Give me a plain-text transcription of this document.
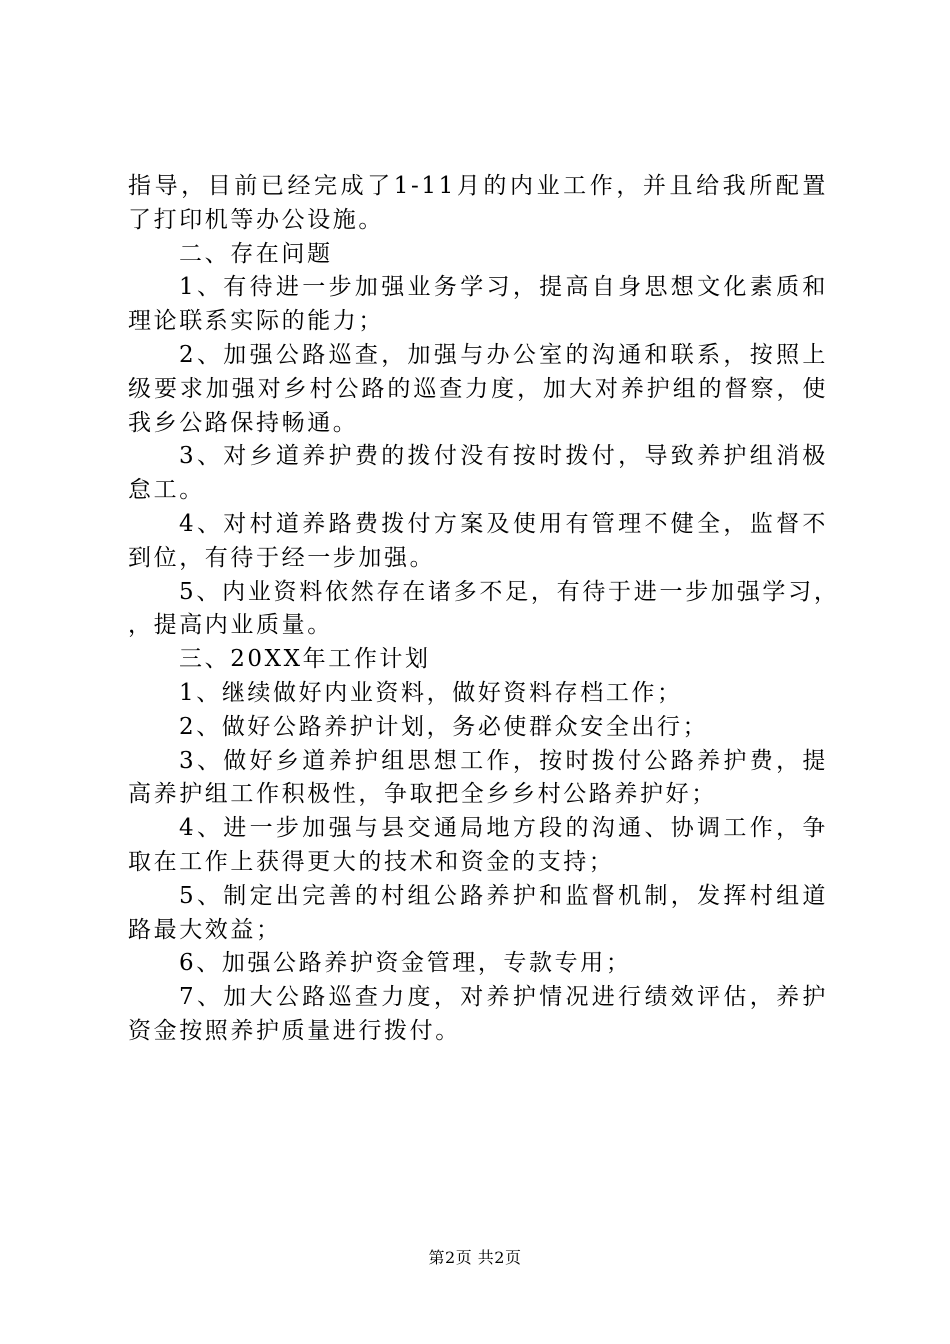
指导，目前已经完成了1-11月的内业工作，并且给我所配置了打印机等办公设施。

二、存在问题

1、有待进一步加强业务学习，提高自身思想文化素质和理论联系实际的能力；

2、加强公路巡查，加强与办公室的沟通和联系，按照上级要求加强对乡村公路的巡查力度，加大对养护组的督察，使我乡公路保持畅通。

3、对乡道养护费的拨付没有按时拨付，导致养护组消极怠工。

4、对村道养路费拨付方案及使用有管理不健全，监督不到位，有待于经一步加强。

5、内业资料依然存在诸多不足，有待于进一步加强学习，，提高内业质量。

三、20XX年工作计划

1、继续做好内业资料，做好资料存档工作；

2、做好公路养护计划，务必使群众安全出行；

3、做好乡道养护组思想工作，按时拨付公路养护费，提高养护组工作积极性，争取把全乡乡村公路养护好；

4、进一步加强与县交通局地方段的沟通、协调工作，争取在工作上获得更大的技术和资金的支持；

5、制定出完善的村组公路养护和监督机制，发挥村组道路最大效益；

6、加强公路养护资金管理，专款专用；

7、加大公路巡查力度，对养护情况进行绩效评估，养护资金按照养护质量进行拨付。

第2页 共2页
